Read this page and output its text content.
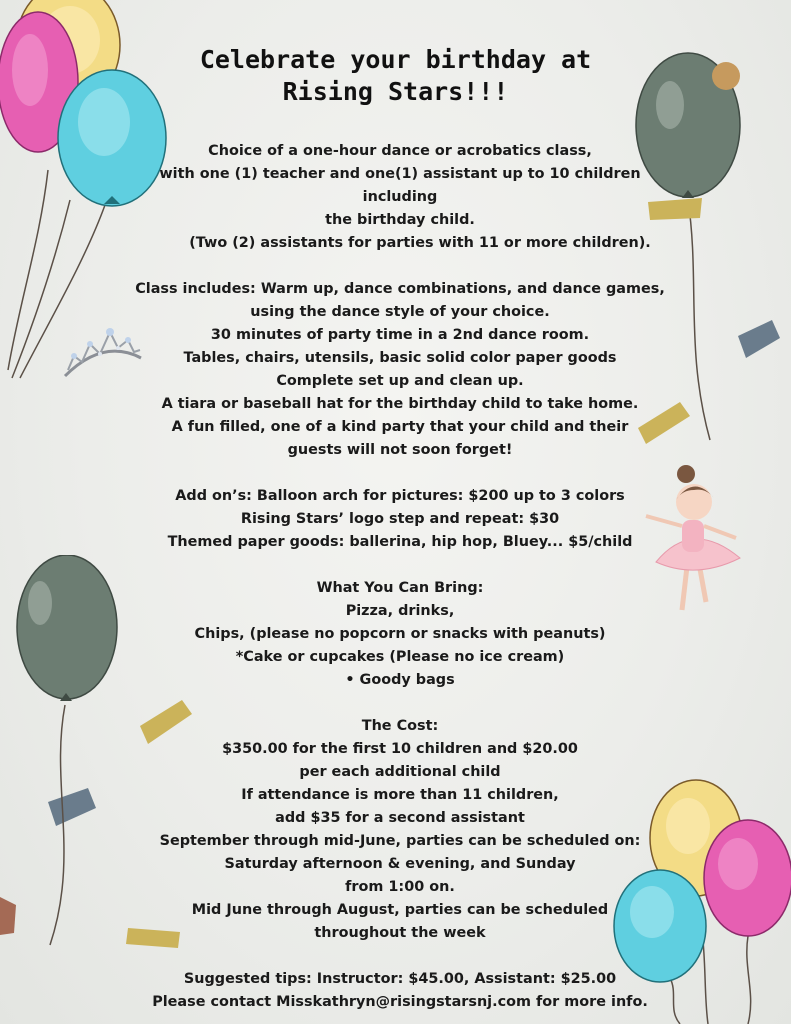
Celebrate your birthday at
Rising Stars!!!

Choice of a one-hour dance or acrobatics class,

with one (1) teacher and one(1) assistant up to 10 children including

the birthday child.

(Two (2) assistants for parties with 11 or more children).

Class includes: Warm up, dance combinations, and dance games,

using the dance style of your choice.

30 minutes of party time in a 2nd dance room.

Tables, chairs, utensils, basic solid color paper goods

Complete set up and clean up.

A tiara or baseball hat for the birthday child to take home.

A fun filled, one of a kind party that your child and their

guests will not soon forget!

Add on’s: Balloon arch for pictures: $200 up to 3 colors

Rising Stars’ logo step and repeat: $30

Themed paper goods: ballerina, hip hop, Bluey... $5/child

What You Can Bring:

Pizza, drinks,

Chips, (please no popcorn or snacks with peanuts)

*Cake or cupcakes (Please no ice cream)

• Goody bags

The Cost:

$350.00 for the first 10 children and $20.00

per each additional child

If attendance is more than 11 children,

add $35 for a second assistant

September through mid-June, parties can be scheduled on:

Saturday afternoon & evening, and Sunday

from 1:00 on.

Mid June through August, parties can be scheduled

throughout the week

Suggested tips: Instructor: $45.00, Assistant: $25.00

Please contact Misskathryn@risingstarsnj.com for more info.
